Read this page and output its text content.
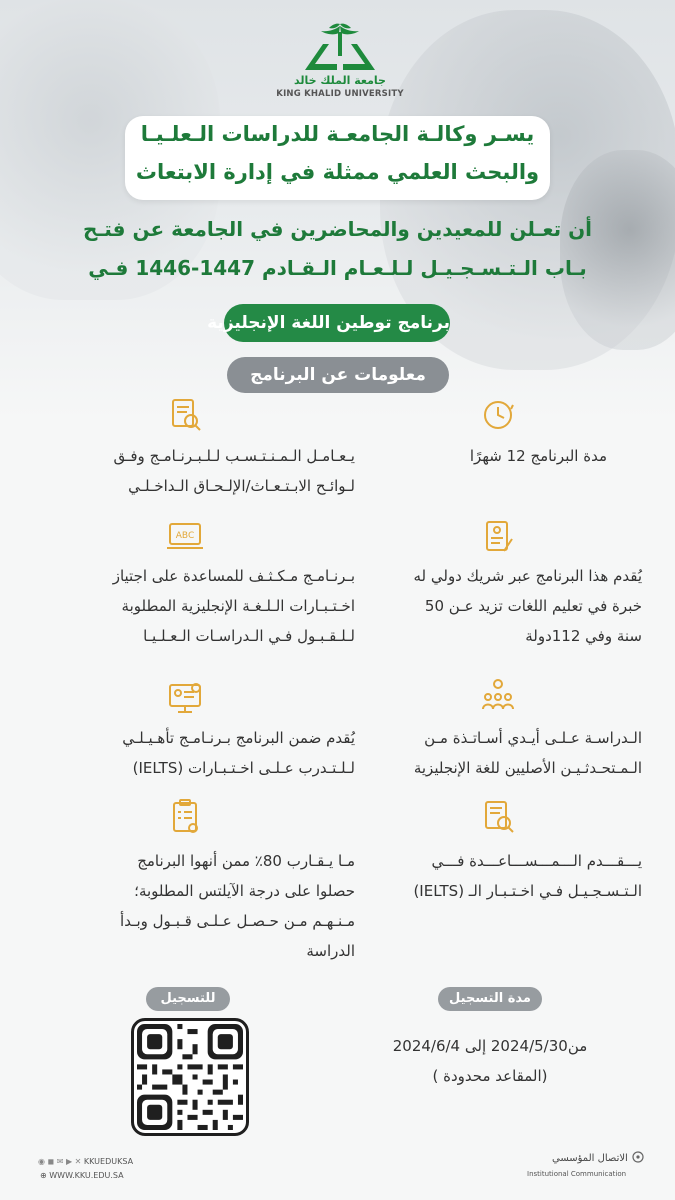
جامعة الملك خالد
KING KHALID UNIVERSITY
يسـر وكالـة الجامعـة للدراسات الـعلـيـا
والبحث العلمي ممثلة في إدارة الابتعاث
أن تعـلن للمعيدين والمحاضرين في الجامعة عن فتـح
بـاب الـتـسـجـيـل لـلـعـام الـقـادم 1447-1446 فـي
برنامج توطين اللغة الإنجليزية
معلومات عن البرنامج
ABC
يـعـامـل الـمـنـتـسـب لـلـبـرنـامـج وفـق
لـوائـح الابـتـعـاث/الإلـحـاق الـداخـلـي
بـرنـامـج مـكـثـف للمساعدة على اجتياز
اخـتـبـارات الـلـغـة الإنجليزية المطلوبة
لـلـقـبـول فـي الـدراسـات الـعـلـيـا
يُقدم ضمن البرنامج بـرنـامـج تأهـيـلـي
لـلـتـدرب عـلـى اخـتـبـارات (IELTS)
مـا يـقـارب 80٪ ممن أنهوا البرنامج
حصلوا على درجة الآيلتس المطلوبة؛
مـنـهـم مـن حـصـل عـلـى قـبـول وبـدأ
الدراسة
مدة البرنامج 12 شهرًا
يُقدم هذا البرنامج عبر شريك دولي له
خبرة في تعليم اللغات تزيد عـن 50
سنة وفي 112دولة
الـدراسـة عـلـى أيـدي أسـاتـذة مـن
الـمـتحـدثـيـن الأصليين للغة الإنجليزية
يـــقـــدم الـــمـــســـاعـــدة فـــي
الـتـسـجـيـل فـي اخـتـبـار الـ (IELTS)
مدة التسجيل
من2024/5/30 إلى 2024/6/4
(المقاعد محدودة )
للتسجيل
◉ ◼ ✉ ▶ ✕ KKUEDUKSA
⊕ WWW.KKU.EDU.SA
الاتصال المؤسسي
Institutional Communication
